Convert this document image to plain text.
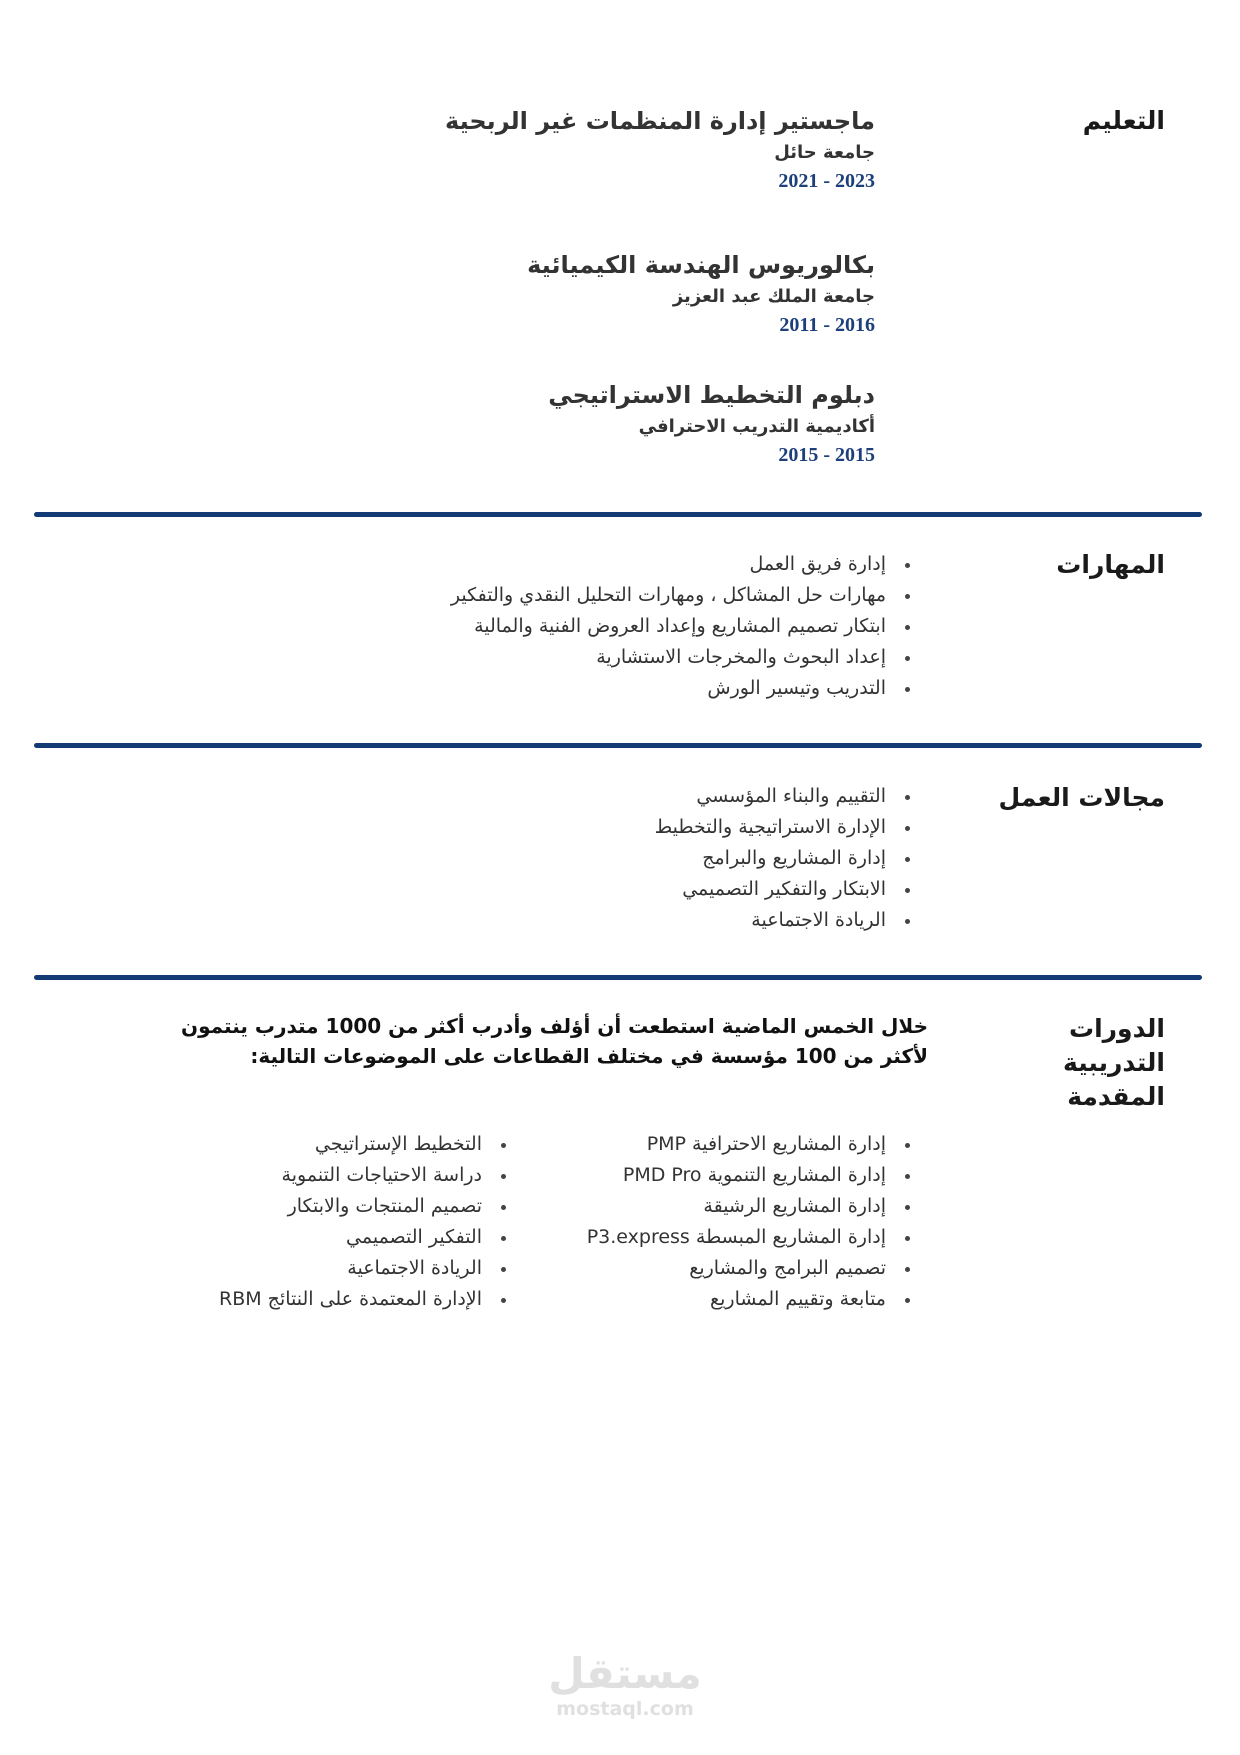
التعليم
ماجستير إدارة المنظمات غير الربحية
جامعة حائل
2023 - 2021
بكالوريوس الهندسة الكيميائية
جامعة الملك عبد العزيز
2016 - 2011
دبلوم التخطيط الاستراتيجي
أكاديمية التدريب الاحترافي
2015 - 2015
المهارات
إدارة فريق العمل
مهارات حل المشاكل ، ومهارات التحليل النقدي والتفكير
ابتكار تصميم المشاريع وإعداد العروض الفنية والمالية
إعداد البحوث والمخرجات الاستشارية
التدريب وتيسير الورش
مجالات العمل
التقييم والبناء المؤسسي
الإدارة الاستراتيجية والتخطيط
إدارة المشاريع والبرامج
الابتكار والتفكير التصميمي
الريادة الاجتماعية
الدورات
التدريبية
المقدمة
خلال الخمس الماضية استطعت أن أؤلف وأدرب أكثر من 1000 متدرب ينتمون لأكثر من 100 مؤسسة في مختلف القطاعات على الموضوعات التالية:
إدارة المشاريع الاحترافية PMP
إدارة المشاريع التنموية PMD Pro
إدارة المشاريع الرشيقة
إدارة المشاريع المبسطة P3.express
تصميم البرامج والمشاريع
متابعة وتقييم المشاريع
التخطيط الإستراتيجي
دراسة الاحتياجات التنموية
تصميم المنتجات والابتكار
التفكير التصميمي
الريادة الاجتماعية
الإدارة المعتمدة على النتائج RBM
مستقل
mostaql.com
